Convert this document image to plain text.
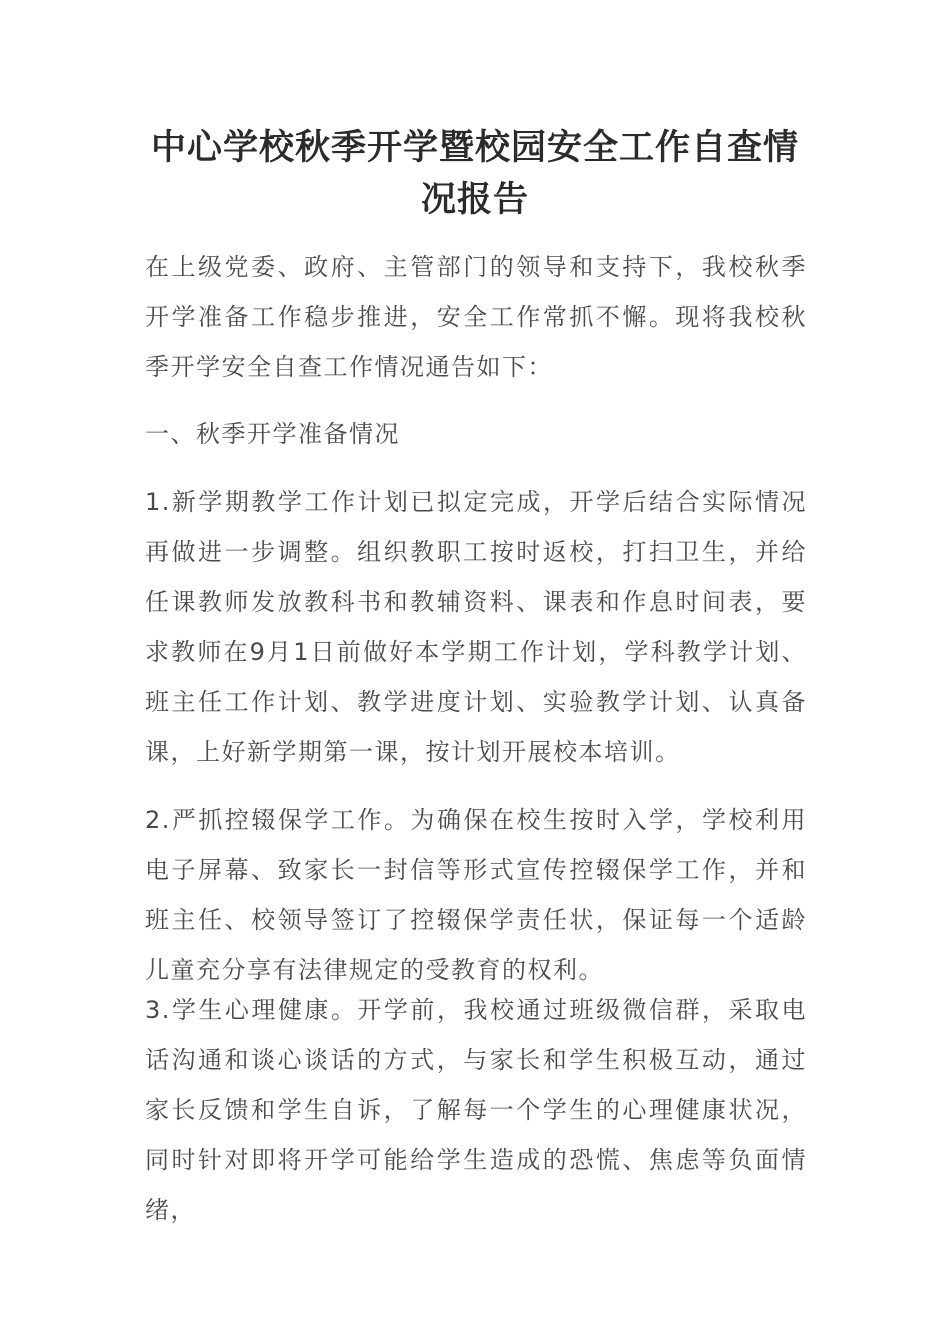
中心学校秋季开学暨校园安全工作自查情况报告

在上级党委、政府、主管部门的领导和支持下，我校秋季开学准备工作稳步推进，安全工作常抓不懈。现将我校秋季开学安全自查工作情况通告如下：

一、秋季开学准备情况

1.新学期教学工作计划已拟定完成，开学后结合实际情况再做进一步调整。组织教职工按时返校，打扫卫生，并给任课教师发放教科书和教辅资料、课表和作息时间表，要求教师在9月1日前做好本学期工作计划，学科教学计划、班主任工作计划、教学进度计划、实验教学计划、认真备课，上好新学期第一课，按计划开展校本培训。

2.严抓控辍保学工作。为确保在校生按时入学，学校利用电子屏幕、致家长一封信等形式宣传控辍保学工作，并和班主任、校领导签订了控辍保学责任状，保证每一个适龄儿童充分享有法律规定的受教育的权利。

3.学生心理健康。开学前，我校通过班级微信群，采取电话沟通和谈心谈话的方式，与家长和学生积极互动，通过家长反馈和学生自诉，了解每一个学生的心理健康状况，同时针对即将开学可能给学生造成的恐慌、焦虑等负面情绪，
